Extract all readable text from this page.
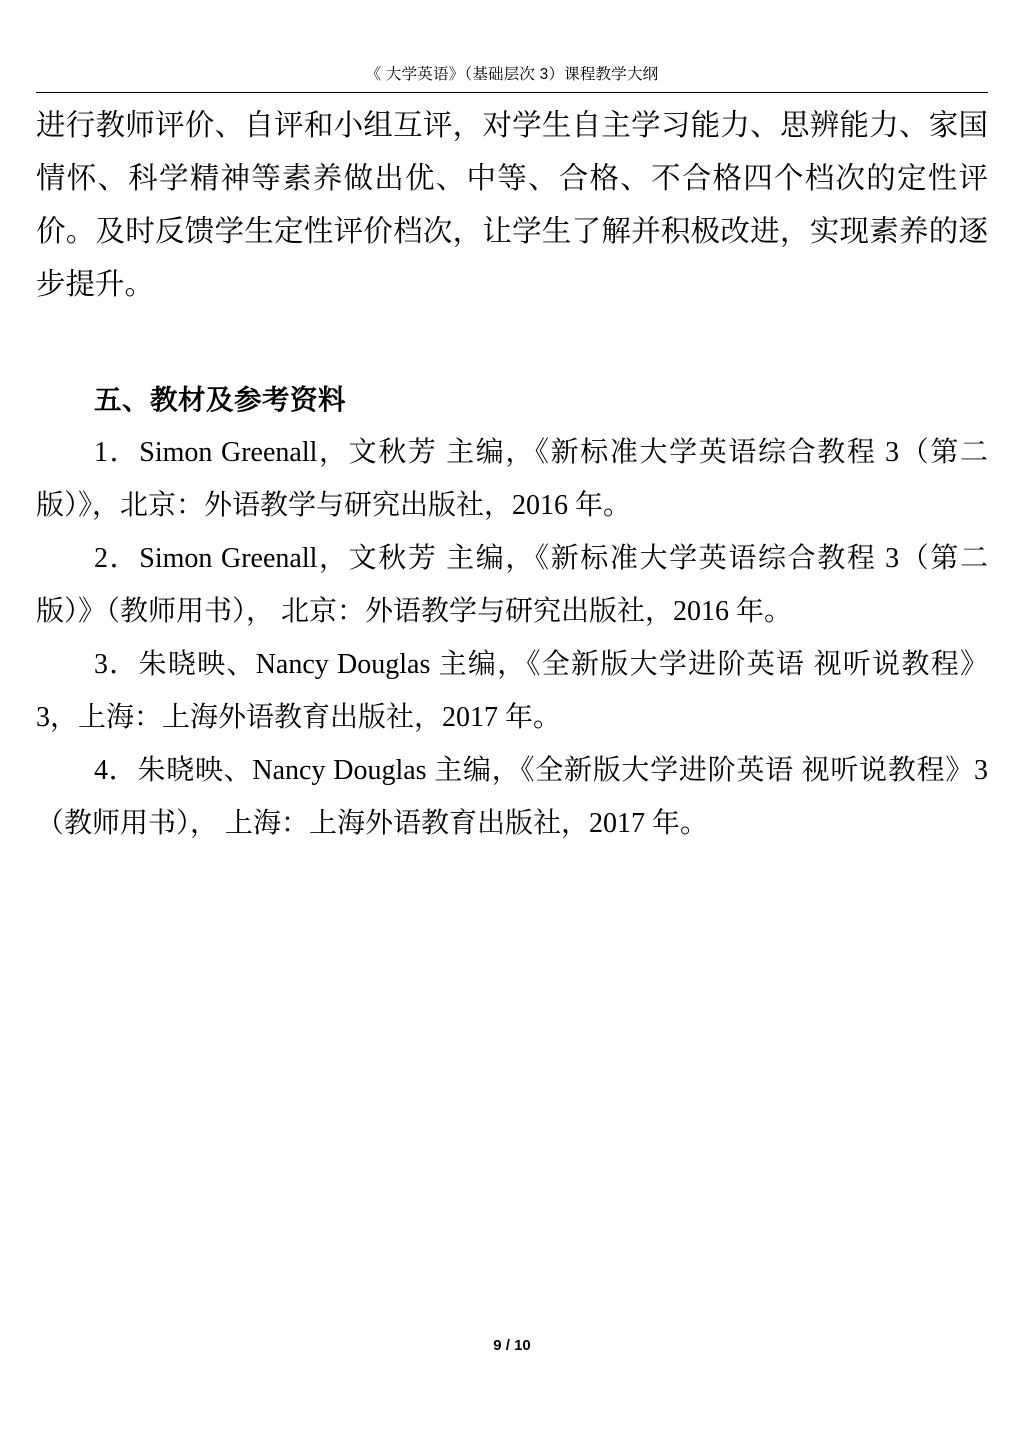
《 大学英语》（基础层次 3）课程教学大纲

进行教师评价、自评和小组互评，对学生自主学习能力、思辨能力、家国情怀、科学精神等素养做出优、中等、合格、不合格四个档次的定性评价。及时反馈学生定性评价档次，让学生了解并积极改进，实现素养的逐步提升。

五、教材及参考资料

1．Simon Greenall，文秋芳 主编，《新标准大学英语综合教程 3（第二版）》，北京：外语教学与研究出版社，2016 年。

2．Simon Greenall，文秋芳 主编，《新标准大学英语综合教程 3（第二版）》（教师用书）， 北京：外语教学与研究出版社，2016 年。

3．朱晓映、Nancy Douglas 主编，《全新版大学进阶英语 视听说教程》3，上海：上海外语教育出版社，2017 年。

4．朱晓映、Nancy Douglas 主编，《全新版大学进阶英语 视听说教程》3（教师用书）， 上海：上海外语教育出版社，2017 年。

9 / 10
